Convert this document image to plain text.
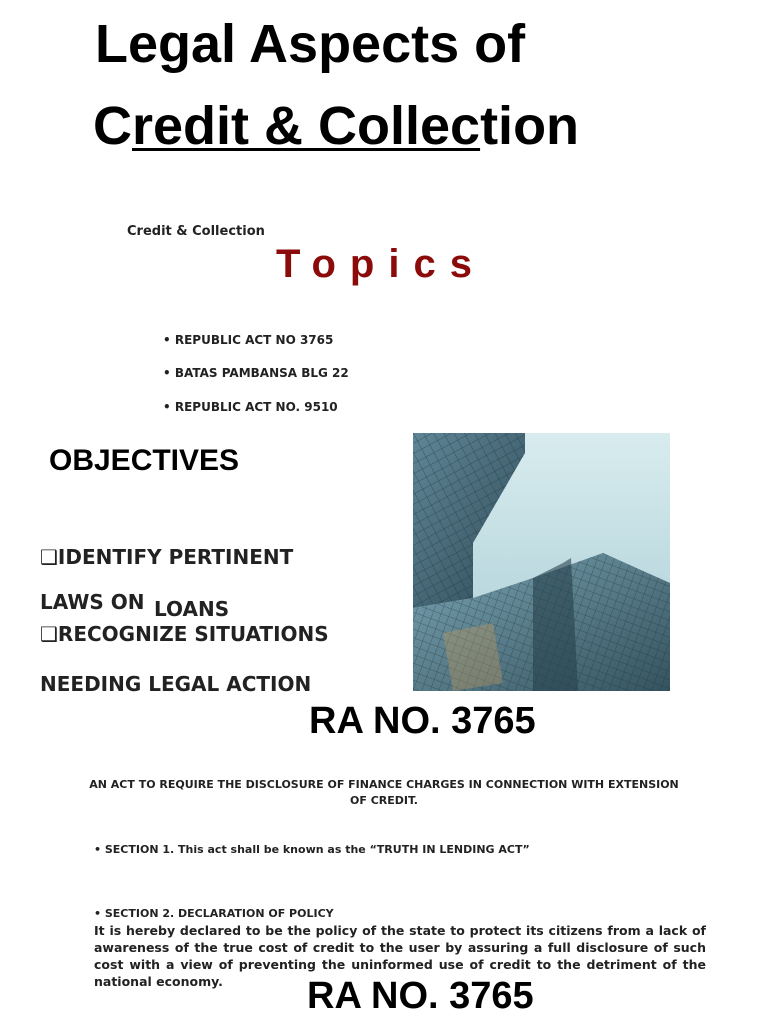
Legal Aspects of
Credit & Collection
Credit & Collection
Topics
• REPUBLIC ACT NO 3765
• BATAS PAMBANSA BLG 22
• REPUBLIC ACT NO. 9510
OBJECTIVES
❑IDENTIFY PERTINENT
LAWS ON LOANS
❑RECOGNIZE SITUATIONS
NEEDING LEGAL ACTION
RA NO. 3765
AN ACT TO REQUIRE THE DISCLOSURE OF FINANCE CHARGES IN CONNECTION WITH EXTENSION OF CREDIT.
• SECTION 1. This act shall be known as the “TRUTH IN LENDING ACT”
• SECTION 2. DECLARATION OF POLICY
It is hereby declared to be the policy of the state to protect its citizens from a lack of awareness of the true cost of credit to the user by assuring a full disclosure of such cost with a view of preventing the uninformed use of credit to the detriment of the national economy.	RA NO. 3765
